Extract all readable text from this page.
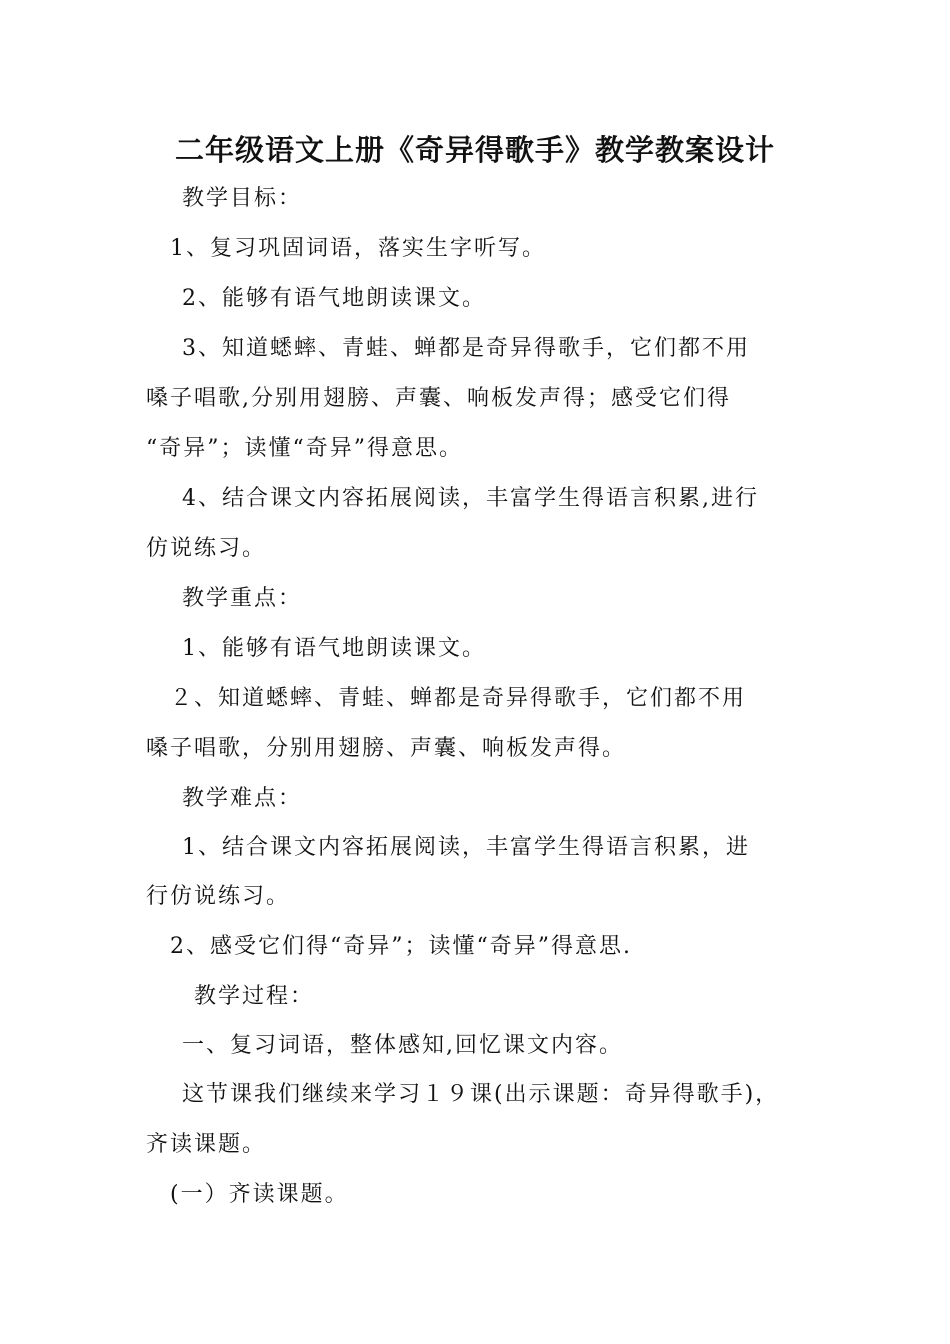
二年级语文上册《奇异得歌手》教学教案设计
教学目标：
1、复习巩固词语，落实生字听写。
2、能够有语气地朗读课文。
3、知道蟋蟀、青蛙、蝉都是奇异得歌手，它们都不用
嗓子唱歌,分别用翅膀、声囊、响板发声得；感受它们得
“奇异”；读懂“奇异”得意思。
4、结合课文内容拓展阅读，丰富学生得语言积累,进行
仿说练习。
教学重点：
1、能够有语气地朗读课文。
２、知道蟋蟀、青蛙、蝉都是奇异得歌手，它们都不用
嗓子唱歌，分别用翅膀、声囊、响板发声得。
教学难点：
1、结合课文内容拓展阅读，丰富学生得语言积累，进
行仿说练习。
2、感受它们得“奇异”；读懂“奇异”得意思.
教学过程：
一、复习词语，整体感知,回忆课文内容。
这节课我们继续来学习１９课(出示课题：奇异得歌手)，
齐读课题。
(一）齐读课题。
